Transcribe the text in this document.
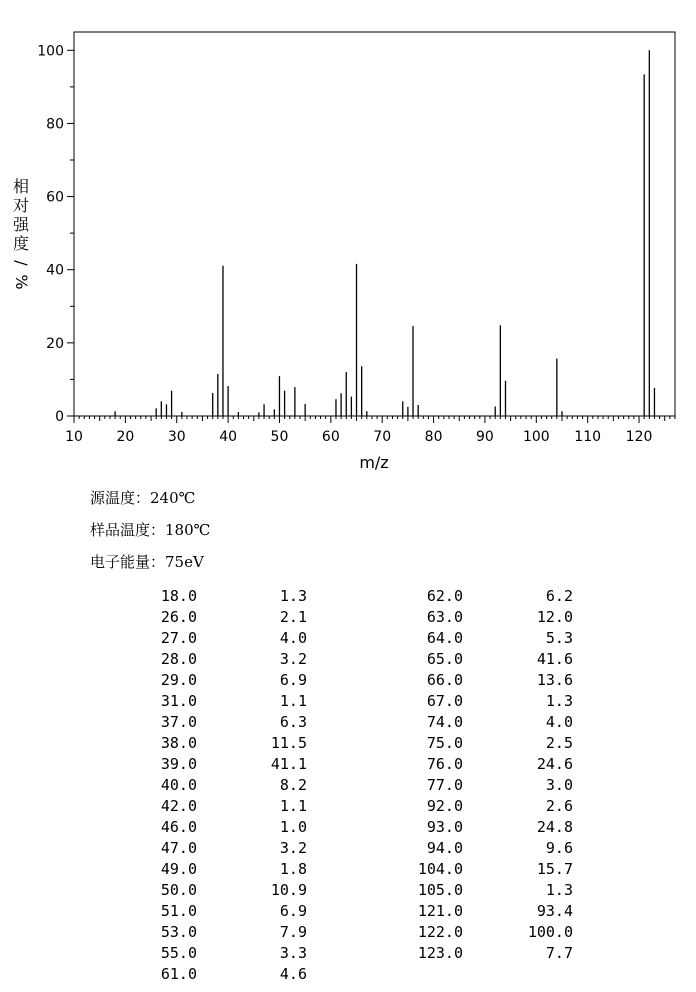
10 20 30 40 50 60 70 80 90 100 110 120
0
20
40
60
80
100
m/z
相
对
强
度
/
%
源温度：240℃
样品温度：180℃
电子能量：75eV
18.0	1.3
26.0	2.1
27.0	4.0
28.0	3.2
29.0	6.9
31.0	1.1
37.0	6.3
38.0	11.5
39.0	41.1
40.0	8.2
42.0	1.1
46.0	1.0
47.0	3.2
49.0	1.8
50.0	10.9
51.0	6.9
53.0	7.9
55.0	3.3
61.0	4.6
62.0	6.2
63.0	12.0
64.0	5.3
65.0	41.6
66.0	13.6
67.0	1.3
74.0	4.0
75.0	2.5
76.0	24.6
77.0	3.0
92.0	2.6
93.0	24.8
94.0	9.6
104.0	15.7
105.0	1.3
121.0	93.4
122.0	100.0
123.0	7.7
